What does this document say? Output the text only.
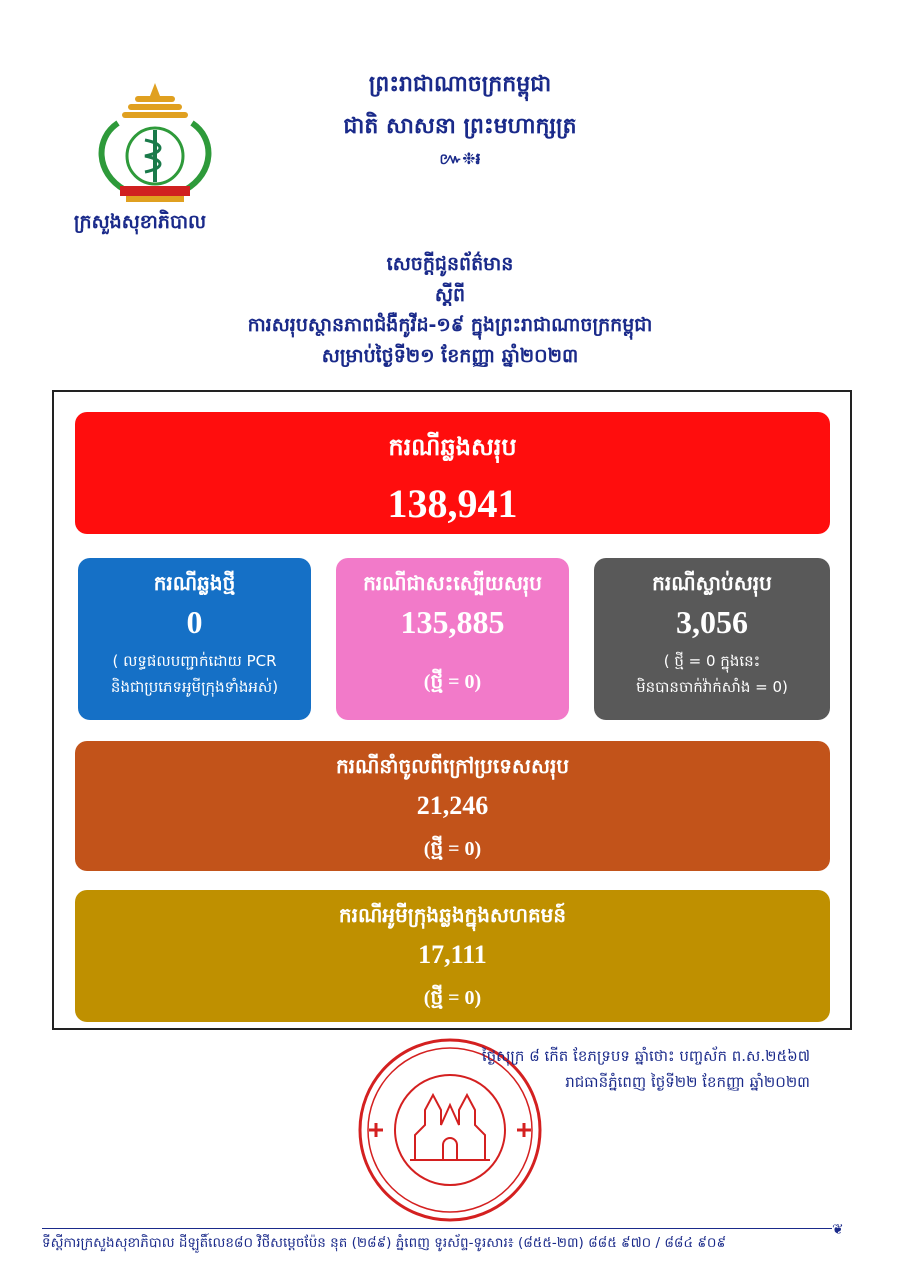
ក្រសួងសុខាភិបាល
ព្រះរាជាណាចក្រកម្ពុជា
ជាតិ សាសនា ព្រះមហាក្សត្រ
៚❉៛
សេចក្ដីជូនព័ត៌មាន
ស្ដីពី
ការសរុបស្ថានភាពជំងឺកូវីដ-១៩ ក្នុងព្រះរាជាណាចក្រកម្ពុជា
សម្រាប់ថ្ងៃទី២១ ខែកញ្ញា ឆ្នាំ២០២៣
ករណីឆ្លងសរុប
138,941
ករណីឆ្លងថ្មី
0
( លទ្ធផលបញ្ជាក់ដោយ PCR
និងជាប្រភេទអូមីក្រុងទាំងអស់)
ករណីជាសះស្បើយសរុប
135,885
(ថ្មី = 0)
ករណីស្លាប់សរុប
3,056
( ថ្មី = 0 ក្នុងនេះ
មិនបានចាក់វ៉ាក់សាំង = 0)
ករណីនាំចូលពីក្រៅប្រទេសសរុប
21,246
(ថ្មី = 0)
ករណីអូមីក្រុងឆ្លងក្នុងសហគមន៍
17,111
(ថ្មី = 0)
ថ្ងៃសុក្រ ៨ កើត ខែភទ្របទ ឆ្នាំថោះ បញ្ចស័ក ព.ស.២៥៦៧
រាជធានីភ្នំពេញ ថ្ងៃទី២២ ខែកញ្ញា ឆ្នាំ២០២៣
ទីស្ដីការក្រសួងសុខាភិបាល ដីឡូតិ៍លេខ៨០ វិថីសម្ដេចប៉ែន នុត (២៨៩) ភ្នំពេញ ទូរស័ព្ទ-ទូរសារ៖ (៨៥៥-២៣) ៨៨៥ ៩៧០ / ៨៨៤ ៩០៩
❦
